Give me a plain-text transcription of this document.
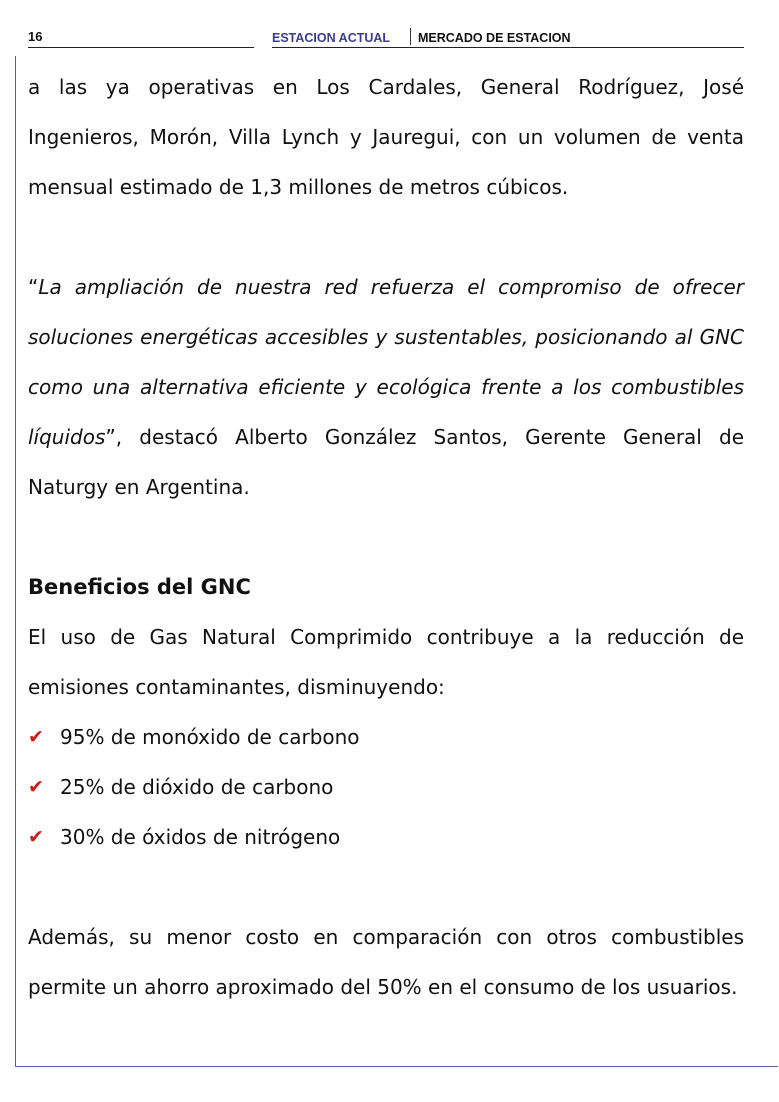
16	ESTACION ACTUAL MERCADO DE ESTACION

a las ya operativas en Los Cardales, General Rodríguez, José Ingenieros, Morón, Villa Lynch y Jauregui, con un volumen de venta mensual estimado de 1,3 millones de metros cúbicos.

“La ampliación de nuestra red refuerza el compromiso de ofrecer soluciones energéticas accesibles y sustentables, posicionando al GNC como una alternativa eficiente y ecológica frente a los combustibles líquidos”, destacó Alberto González Santos, Gerente General de Naturgy en Argentina.

Beneficios del GNC

El uso de Gas Natural Comprimido contribuye a la reducción de emisiones contaminantes, disminuyendo:

✔ 95% de monóxido de carbono
✔ 25% de dióxido de carbono
✔ 30% de óxidos de nitrógeno

Además, su menor costo en comparación con otros combustibles permite un ahorro aproximado del 50% en el consumo de los usuarios.
